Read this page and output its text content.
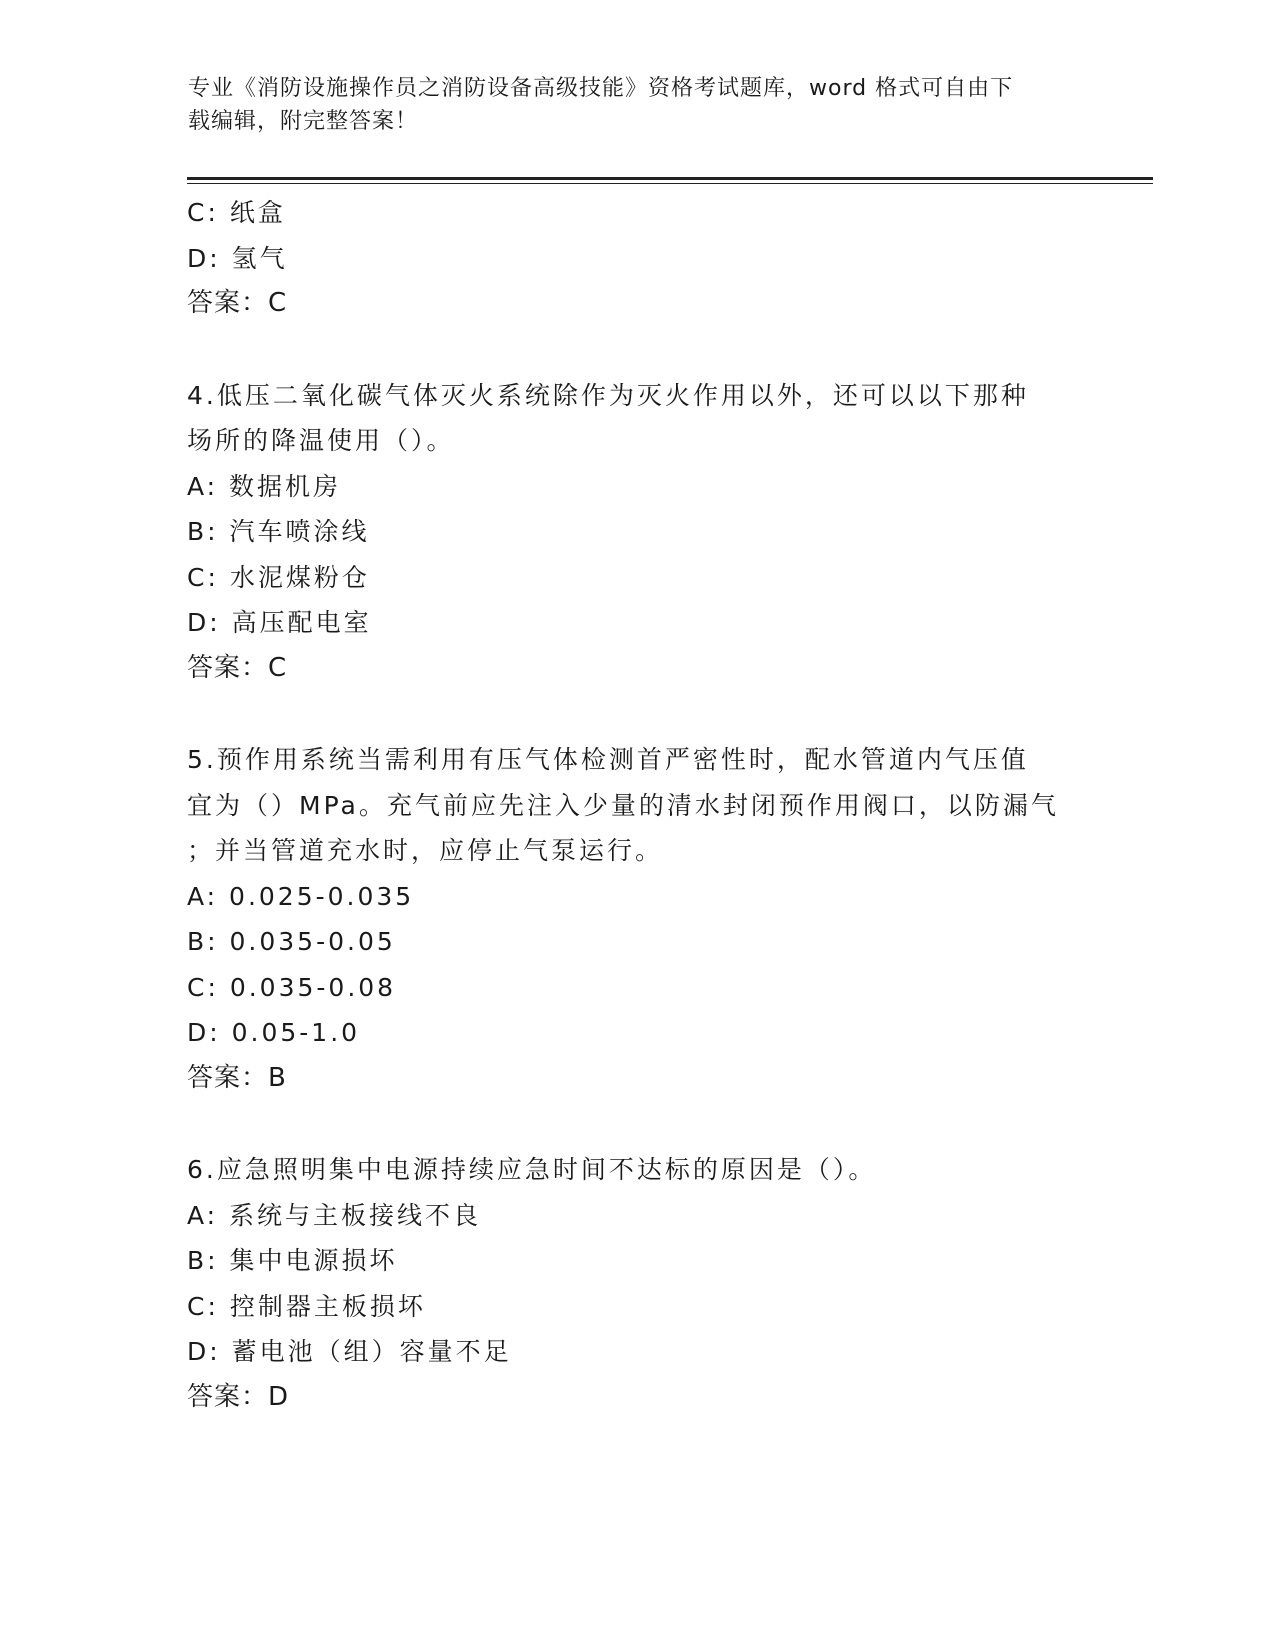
专业《消防设施操作员之消防设备高级技能》资格考试题库，word 格式可自由下
载编辑，附完整答案！
C: 纸盒
D: 氢气
答案：C
4.低压二氧化碳气体灭火系统除作为灭火作用以外，还可以以下那种
场所的降温使用（）。
A: 数据机房
B: 汽车喷涂线
C: 水泥煤粉仓
D: 高压配电室
答案：C
5.预作用系统当需利用有压气体检测首严密性时，配水管道内气压值
宜为（）MPa。充气前应先注入少量的清水封闭预作用阀口，以防漏气
；并当管道充水时，应停止气泵运行。
A: 0.025-0.035
B: 0.035-0.05
C: 0.035-0.08
D: 0.05-1.0
答案：B
6.应急照明集中电源持续应急时间不达标的原因是（）。
A: 系统与主板接线不良
B: 集中电源损坏
C: 控制器主板损坏
D: 蓄电池（组）容量不足
答案：D
